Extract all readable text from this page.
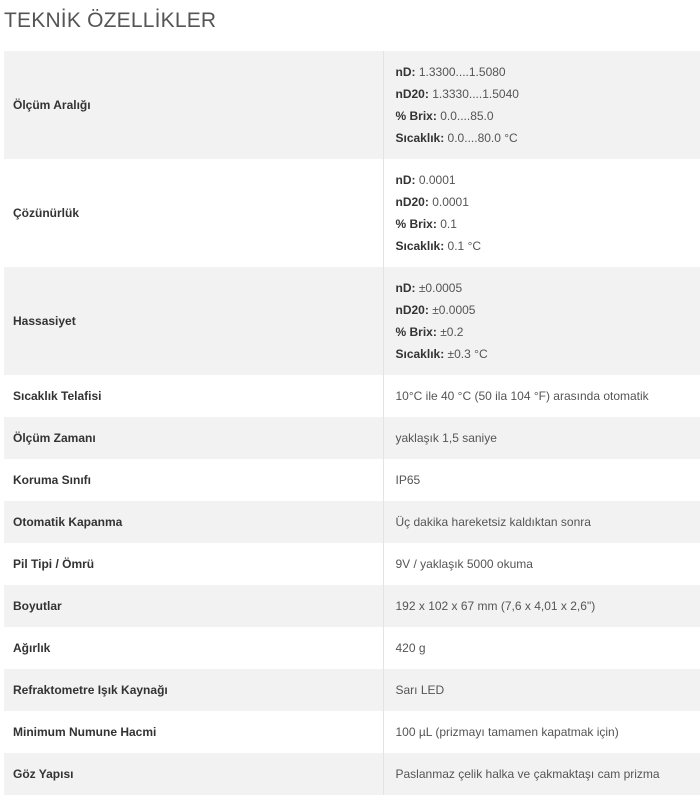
TEKNİK ÖZELLİKLER
Ölçüm Aralığı	nD: 1.3300....1.5080
nD20: 1.3330....1.5040
% Brix: 0.0....85.0
Sıcaklık: 0.0....80.0 °C

Çözünürlük	nD: 0.0001
nD20: 0.0001
% Brix: 0.1
Sıcaklık: 0.1 °C

Hassasiyet	nD: ±0.0005
nD20: ±0.0005
% Brix: ±0.2
Sıcaklık: ±0.3 °C

Sıcaklık Telafisi	10°C ile 40 °C (50 ila 104 °F) arasında otomatik
Ölçüm Zamanı	yaklaşık 1,5 saniye
Koruma Sınıfı	IP65
Otomatik Kapanma	Üç dakika hareketsiz kaldıktan sonra
Pil Tipi / Ömrü	9V / yaklaşık 5000 okuma
Boyutlar	192 x 102 x 67 mm (7,6 x 4,01 x 2,6")
Ağırlık	420 g
Refraktometre Işık Kaynağı	Sarı LED
Minimum Numune Hacmi	100 µL (prizmayı tamamen kapatmak için)
Göz Yapısı	Paslanmaz çelik halka ve çakmaktaşı cam prizma
